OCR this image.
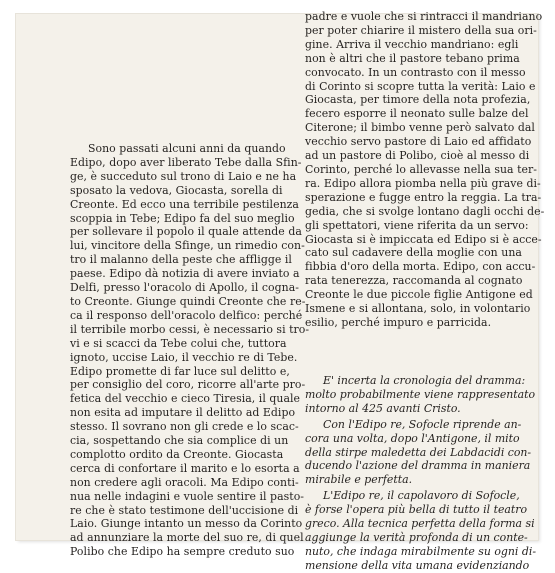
Sono passati alcuni anni da quando

Edipo, dopo aver liberato Tebe dalla Sfin-

ge, è succeduto sul trono di Laio e ne ha

sposato la vedova, Giocasta, sorella di

Creonte. Ed ecco una terribile pestilenza

scoppia in Tebe; Edipo fa del suo meglio

per sollevare il popolo il quale attende da

lui, vincitore della Sfinge, un rimedio con-

tro il malanno della peste che affligge il

paese. Edipo dà notizia di avere inviato a

Delfi, presso l'oracolo di Apollo, il cogna-

to Creonte. Giunge quindi Creonte che re-

ca il responso dell'oracolo delfico: perché

il terribile morbo cessi, è necessario si tro-

vi e si scacci da Tebe colui che, tuttora

ignoto, uccise Laio, il vecchio re di Tebe.

Edipo promette di far luce sul delitto e,

per consiglio del coro, ricorre all'arte pro-

fetica del vecchio e cieco Tiresia, il quale

non esita ad imputare il delitto ad Edipo

stesso. Il sovrano non gli crede e lo scac-

cia, sospettando che sia complice di un

complotto ordito da Creonte. Giocasta

cerca di confortare il marito e lo esorta a

non credere agli oracoli. Ma Edipo conti-

nua nelle indagini e vuole sentire il pasto-

re che è stato testimone dell'uccisione di

Laio. Giunge intanto un messo da Corinto

ad annunziare la morte del suo re, di quel

Polibo che Edipo ha sempre creduto suo

padre e vuole che si rintracci il mandriano

per poter chiarire il mistero della sua ori-

gine. Arriva il vecchio mandriano: egli

non è altri che il pastore tebano prima

convocato. In un contrasto con il messo

di Corinto si scopre tutta la verità: Laio e

Giocasta, per timore della nota profezia,

fecero esporre il neonato sulle balze del

Citerone; il bimbo venne però salvato dal

vecchio servo pastore di Laio ed affidato

ad un pastore di Polibo, cioè al messo di

Corinto, perché lo allevasse nella sua ter-

ra. Edipo allora piomba nella più grave di-

sperazione e fugge entro la reggia. La tra-

gedia, che si svolge lontano dagli occhi de-

gli spettatori, viene riferita da un servo:

Giocasta si è impiccata ed Edipo si è acce-

cato sul cadavere della moglie con una

fibbia d'oro della morta. Edipo, con accu-

rata tenerezza, raccomanda al cognato

Creonte le due piccole figlie Antigone ed

Ismene e si allontana, solo, in volontario

esilio, perché impuro e parricida.

E' incerta la cronologia del dramma:

molto probabilmente viene rappresentato

intorno al 425 avanti Cristo.

Con l'Edipo re, Sofocle riprende an-

cora una volta, dopo l'Antigone, il mito

della stirpe maledetta dei Labdacidi con-

ducendo l'azione del dramma in maniera

mirabile e perfetta.

L'Edipo re, il capolavoro di Sofocle,

è forse l'opera più bella di tutto il teatro

greco. Alla tecnica perfetta della forma si

aggiunge la verità profonda di un conte-

nuto, che indaga mirabilmente su ogni di-

mensione della vita umana evidenziando
